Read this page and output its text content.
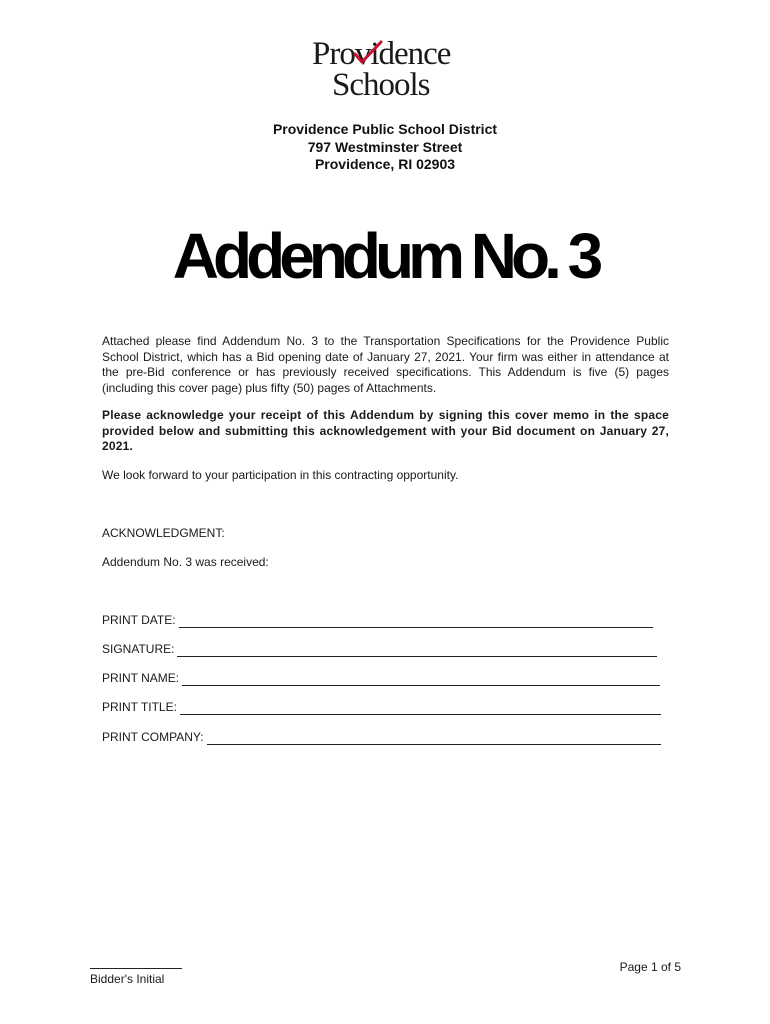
Providence
Schools
Providence Public School District
797 Westminster Street
Providence, RI 02903
Addendum No. 3
Attached please find Addendum No. 3 to the Transportation Specifications for the Providence Public School District, which has a Bid opening date of January 27, 2021. Your firm was either in attendance at the pre-Bid conference or has previously received specifications. This Addendum is five (5) pages (including this cover page) plus fifty (50) pages of Attachments.
Please acknowledge your receipt of this Addendum by signing this cover memo in the space provided below and submitting this acknowledgement with your Bid document on January 27, 2021.
We look forward to your participation in this contracting opportunity.
ACKNOWLEDGMENT:
Addendum No. 3 was received:
PRINT DATE:
SIGNATURE:
PRINT NAME:
PRINT TITLE:
PRINT COMPANY:
Bidder's Initial
Page 1 of 5
